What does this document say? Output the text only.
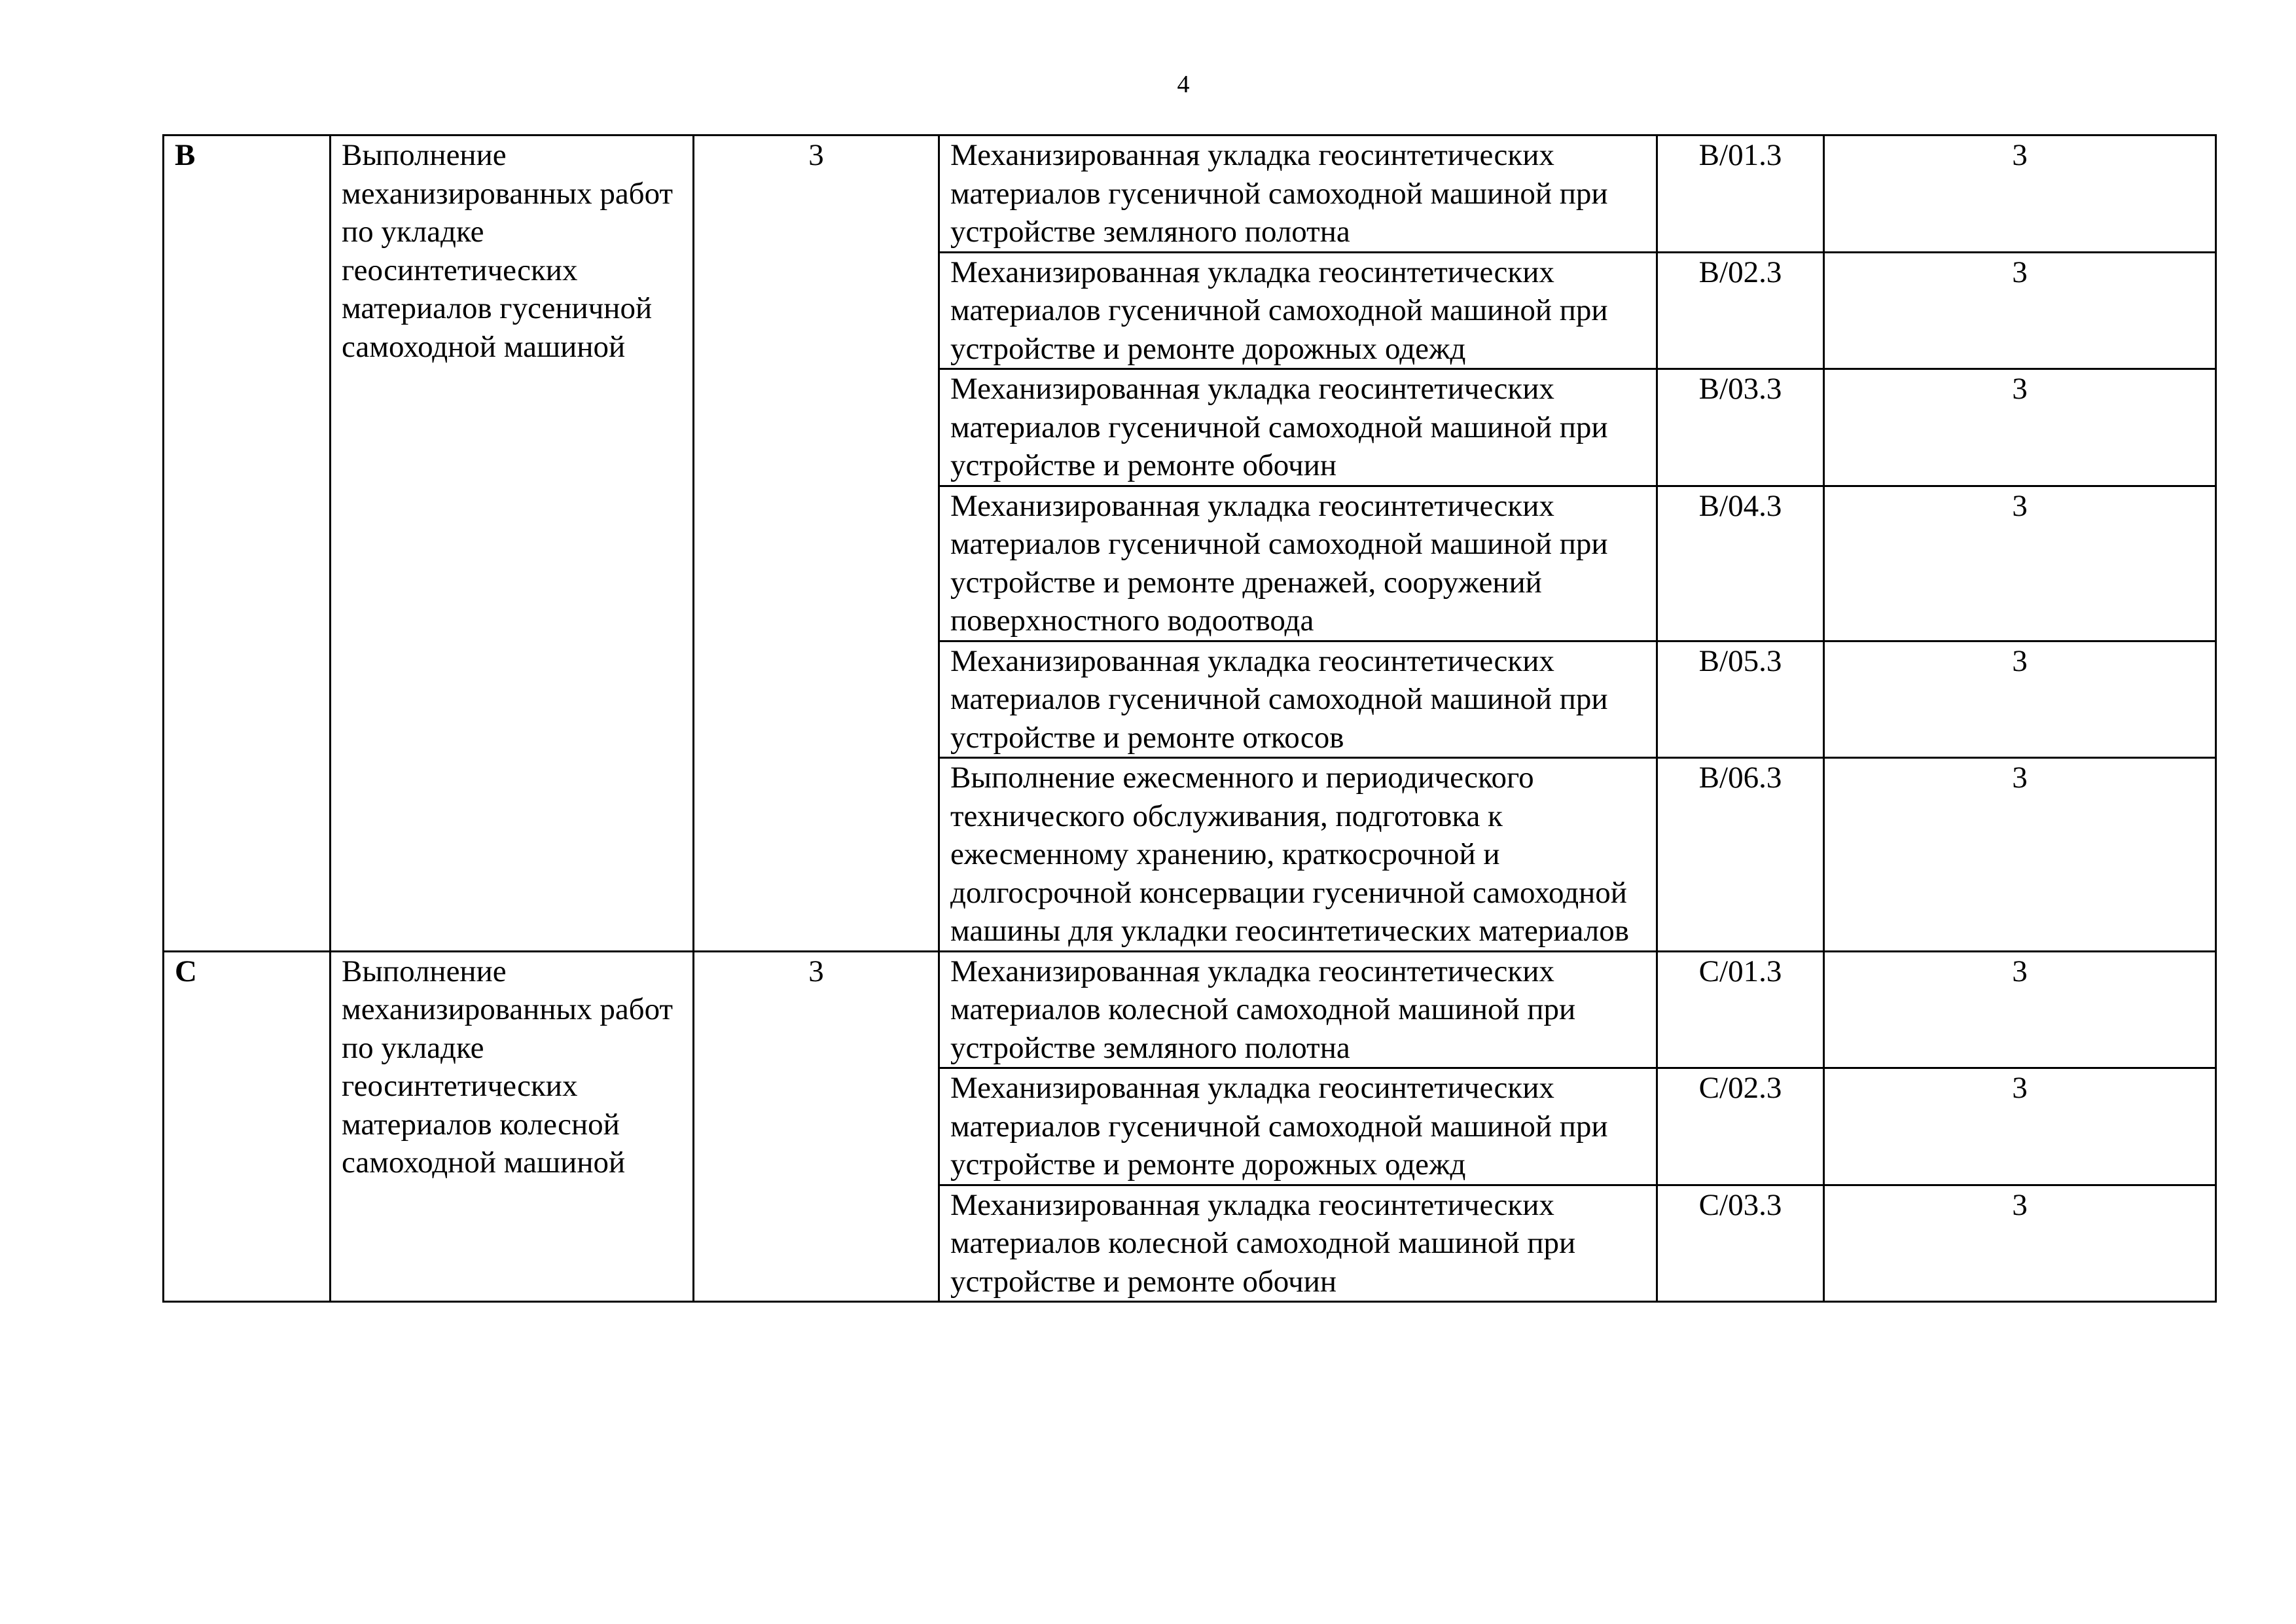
4
B	Выполнение механизированных работ по укладке геосинтетических материалов гусеничной самоходной машиной	3	Механизированная укладка геосинтетических материалов гусеничной самоходной машиной при устройстве земляного полотна	B/01.3	3
			Механизированная укладка геосинтетических материалов гусеничной самоходной машиной при устройстве и ремонте дорожных одежд	B/02.3	3
			Механизированная укладка геосинтетических материалов гусеничной самоходной машиной при устройстве и ремонте обочин	B/03.3	3
			Механизированная укладка геосинтетических материалов гусеничной самоходной машиной при устройстве и ремонте дренажей, сооружений поверхностного водоотвода	B/04.3	3
			Механизированная укладка геосинтетических материалов гусеничной самоходной машиной при устройстве и ремонте откосов	B/05.3	3
			Выполнение ежесменного и периодического технического обслуживания, подготовка к ежесменному хранению, краткосрочной и долгосрочной консервации гусеничной самоходной машины для укладки геосинтетических материалов	B/06.3	3
C	Выполнение механизированных работ по укладке геосинтетических материалов колесной самоходной машиной	3	Механизированная укладка геосинтетических материалов колесной самоходной машиной при устройстве земляного полотна	C/01.3	3
			Механизированная укладка геосинтетических материалов гусеничной самоходной машиной при устройстве и ремонте дорожных одежд	C/02.3	3
			Механизированная укладка геосинтетических материалов колесной самоходной машиной при устройстве и ремонте обочин	C/03.3	3
